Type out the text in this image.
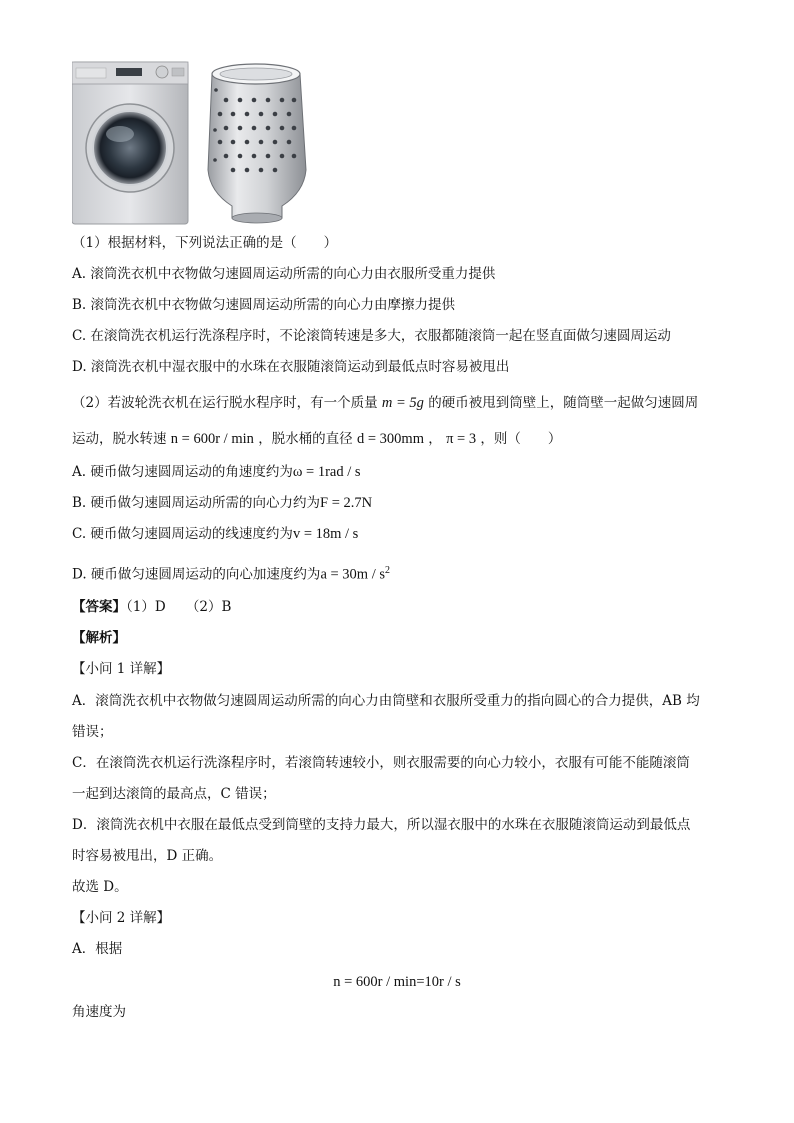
（1）根据材料，下列说法正确的是（　　）
A. 滚筒洗衣机中衣物做匀速圆周运动所需的向心力由衣服所受重力提供
B. 滚筒洗衣机中衣物做匀速圆周运动所需的向心力由摩擦力提供
C. 在滚筒洗衣机运行洗涤程序时，不论滚筒转速是多大，衣服都随滚筒一起在竖直面做匀速圆周运动
D. 滚筒洗衣机中湿衣服中的水珠在衣服随滚筒运动到最低点时容易被甩出
（2）若波轮洗衣机在运行脱水程序时，有一个质量 m = 5g 的硬币被甩到筒壁上，随筒壁一起做匀速圆周
运动，脱水转速 n = 600r / min ，脱水桶的直径 d = 300mm ， π = 3 ，则（　　）
A. 硬币做匀速圆周运动的角速度约为ω = 1rad / s
B. 硬币做匀速圆周运动所需的向心力约为F = 2.7N
C. 硬币做匀速圆周运动的线速度约为v = 18m / s
D. 硬币做匀速圆周运动的向心加速度约为$a = 30m / s^2$
【答案】（1）D　　（2）B
【解析】
【小问 1 详解】
A．滚筒洗衣机中衣物做匀速圆周运动所需的向心力由筒壁和衣服所受重力的指向圆心的合力提供，AB 均
错误；
C．在滚筒洗衣机运行洗涤程序时，若滚筒转速较小，则衣服需要的向心力较小，衣服有可能不能随滚筒
一起到达滚筒的最高点，C 错误；
D．滚筒洗衣机中衣服在最低点受到筒壁的支持力最大，所以湿衣服中的水珠在衣服随滚筒运动到最低点
时容易被甩出，D 正确。
故选 D。
【小问 2 详解】
A．根据
n = 600r / min=10r / s
角速度为
